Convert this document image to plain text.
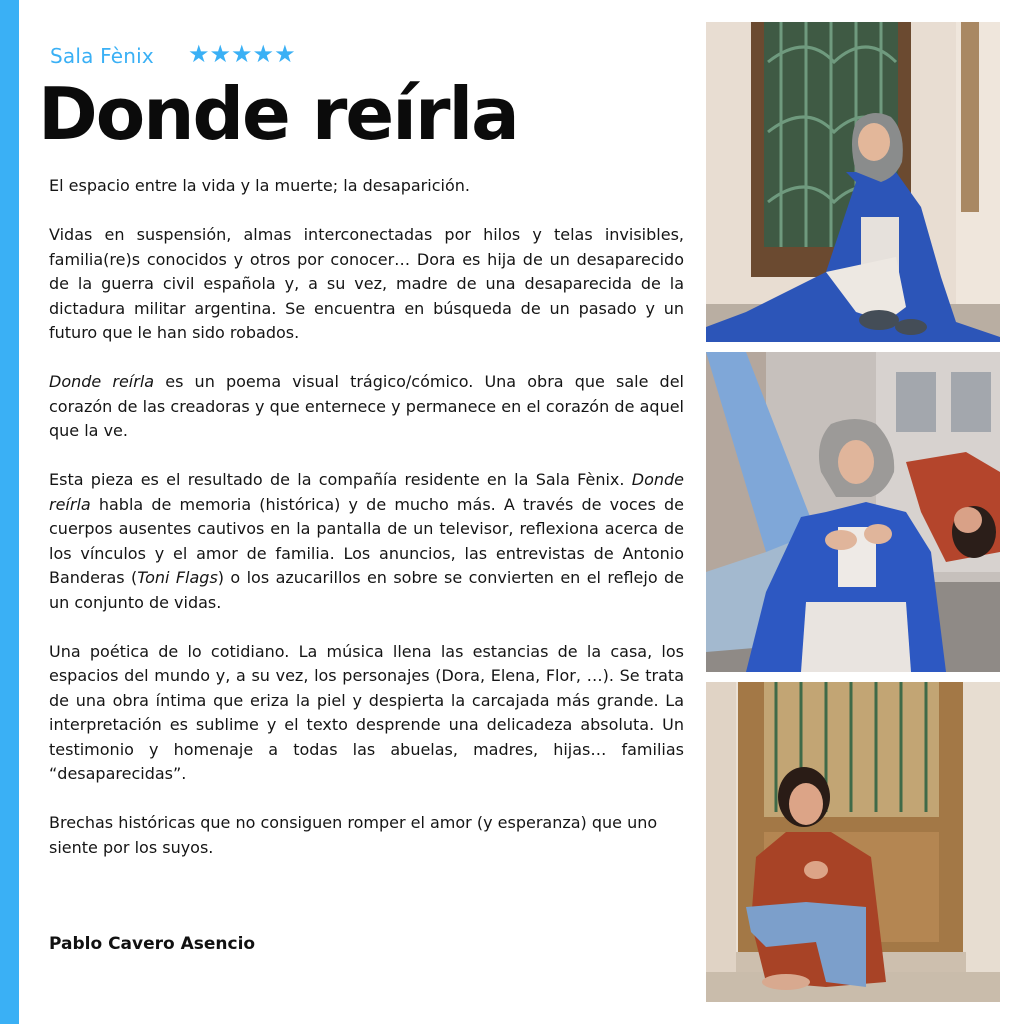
Sala Fènix ★★★★★
Donde reírla

El espacio entre la vida y la muerte; la desaparición.

Vidas en suspensión, almas interconectadas por hilos y telas invisibles, familia(re)s conocidos y otros por conocer… Dora es hija de un desaparecido de la guerra civil española y, a su vez, madre de una desaparecida de la dictadura militar argentina. Se encuentra en búsqueda de un pasado y un futuro que le han sido robados.

Donde reírla es un poema visual trágico/cómico. Una obra que sale del corazón de las creadoras y que enternece y permanece en el corazón de aquel que la ve.

Esta pieza es el resultado de la compañía residente en la Sala Fènix. Donde reírla habla de memoria (histórica) y de mucho más. A través de voces de cuerpos ausentes cautivos en la pantalla de un televisor, reflexiona acerca de los vínculos y el amor de familia. Los anuncios, las entrevistas de Antonio Banderas (Toni Flags) o los azucarillos en sobre se convierten en el reflejo de un conjunto de vidas.

Una poética de lo cotidiano. La música llena las estancias de la casa, los espacios del mundo y, a su vez, los personajes (Dora, Elena, Flor, …). Se trata de una obra íntima que eriza la piel y despierta la carcajada más grande. La interpretación es sublime y el texto desprende una delicadeza absoluta. Un testimonio y homenaje a todas las abuelas, madres, hijas… familias “desaparecidas”.

Brechas históricas que no consiguen romper el amor (y esperanza) que uno siente por los suyos.

Pablo Cavero Asencio
